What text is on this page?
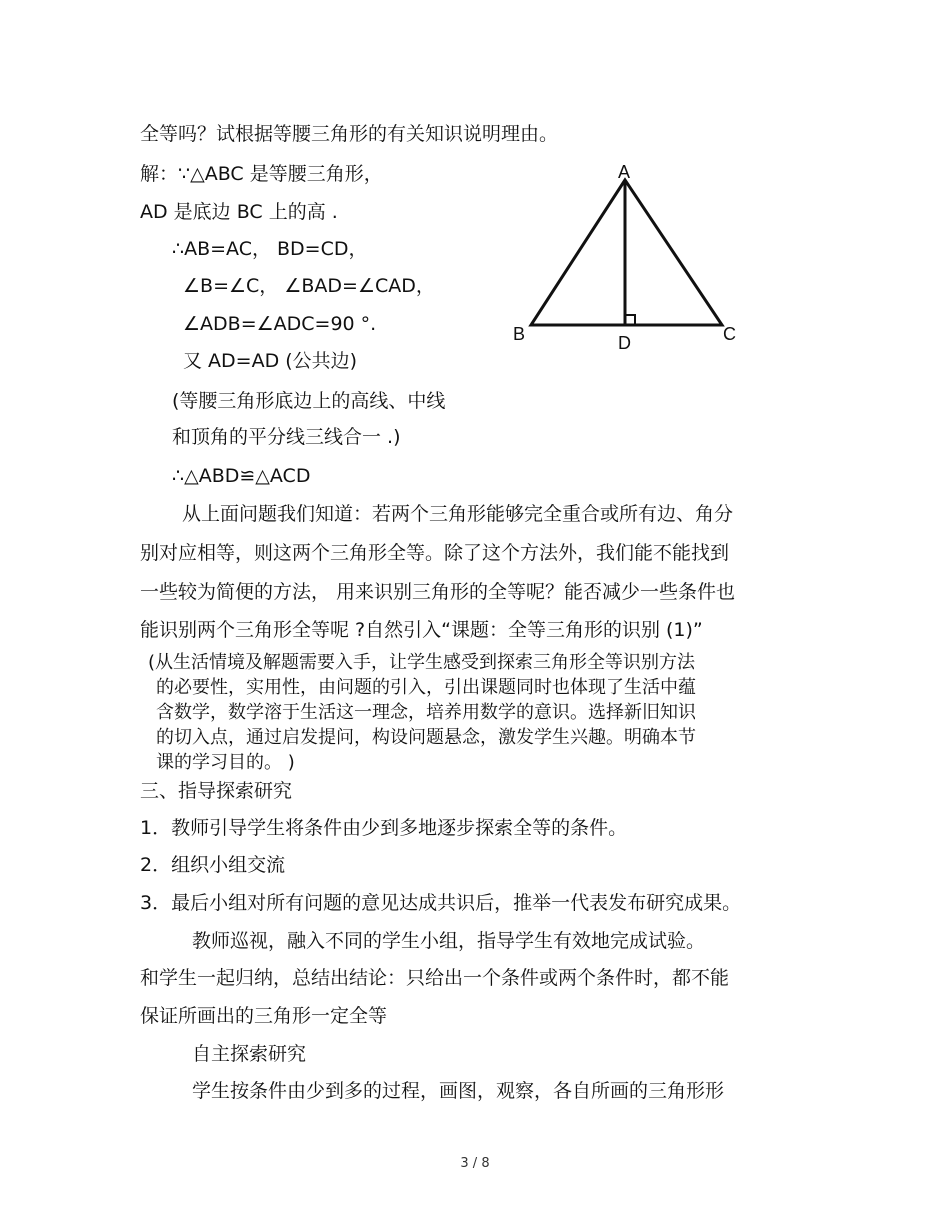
全等吗？试根据等腰三角形的有关知识说明理由。
解：∵△ABC 是等腰三角形，
AD 是底边 BC 上的高 .
∴AB=AC， BD=CD，
∠B=∠C， ∠BAD=∠CAD，
∠ADB=∠ADC=90 °.
又 AD=AD (公共边)
(等腰三角形底边上的高线、中线
和顶角的平分线三线合一 .)
∴△ABD≌△ACD
从上面问题我们知道：若两个三角形能够完全重合或所有边、角分
别对应相等，则这两个三角形全等。除了这个方法外，我们能不能找到
一些较为简便的方法， 用来识别三角形的全等呢？能否减少一些条件也
能识别两个三角形全等呢 ?自然引入“课题：全等三角形的识别 (1)”
(从生活情境及解题需要入手，让学生感受到探索三角形全等识别方法
的必要性，实用性，由问题的引入，引出课题同时也体现了生活中蕴
含数学，数学溶于生活这一理念，培养用数学的意识。选择新旧知识
的切入点，通过启发提问，构设问题悬念，激发学生兴趣。明确本节
课的学习目的。 )
三、指导探索研究
1．教师引导学生将条件由少到多地逐步探索全等的条件。
2．组织小组交流
3．最后小组对所有问题的意见达成共识后，推举一代表发布研究成果。
教师巡视，融入不同的学生小组，指导学生有效地完成试验。
和学生一起归纳，总结出结论：只给出一个条件或两个条件时，都不能
保证所画出的三角形一定全等
自主探索研究
学生按条件由少到多的过程，画图，观察，各自所画的三角形形
A
B	C
D
3 / 8
